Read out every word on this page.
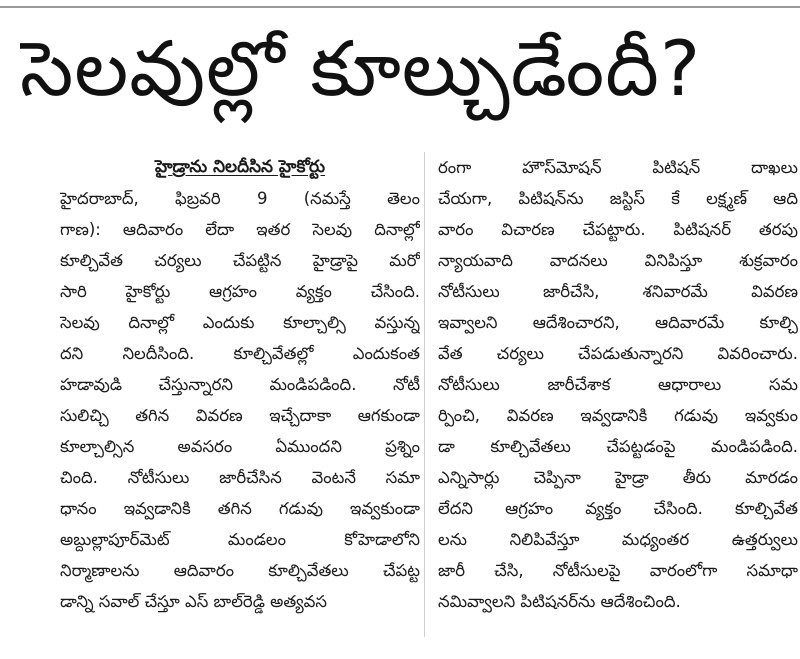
సెలవుల్లో కూల్చుడేందీ?
హైడ్రాను నిలదీసిన హైకోర్టు
హైదరాబాద్, ఫిబ్రవరి 9 (నమస్తే తెలం
గాణ): ఆదివారం లేదా ఇతర సెలవు దినాల్లో
కూల్చివేత చర్యలు చేపట్టిన హైడ్రాపై మరో
సారి హైకోర్టు ఆగ్రహం వ్యక్తం చేసింది.
సెలవు దినాల్లో ఎందుకు కూల్చాల్సి వస్తున్న
దని నిలదీసింది. కూల్చివేతల్లో ఎందుకంత
హడావుడి చేస్తున్నారని మండిపడింది. నోటీ
సులిచ్చి తగిన వివరణ ఇచ్చేదాకా ఆగకుండా
కూల్చాల్సిన అవసరం ఏముందని ప్రశ్నిం
చింది. నోటీసులు జారీచేసిన వెంటనే సమా
ధానం ఇవ్వడానికి తగిన గడువు ఇవ్వకుండా
అబ్దుల్లాపూర్‌మెట్ మండలం కోహెడాలోని
నిర్మాణాలను ఆదివారం కూల్చివేతలు చేపట్ట
డాన్ని సవాల్ చేస్తూ ఎస్ బాల్‌రెడ్డి అత్యవస
రంగా హౌస్‌మోషన్ పిటిషన్ దాఖలు
చేయగా, పిటిషన్‌ను జస్టిస్ కే లక్ష్మణ్ ఆది
వారం విచారణ చేపట్టారు. పిటిషనర్ తరపు
న్యాయవాది వాదనలు వినిపిస్తూ శుక్రవారం
నోటీసులు జారీచేసి, శనివారమే వివరణ
ఇవ్వాలని ఆదేశించారని, ఆదివారమే కూల్చి
వేత చర్యలు చేపడుతున్నారని వివరించారు.
నోటీసులు జారీచేశాక ఆధారాలు సమ
ర్పించి, వివరణ ఇవ్వడానికి గడువు ఇవ్వకుం
డా కూల్చివేతలు చేపట్టడంపై మండిపడింది.
ఎన్నిసార్లు చెప్పినా హైడ్రా తీరు మారడం
లేదని ఆగ్రహం వ్యక్తం చేసింది. కూల్చివేత
లను నిలిపివేస్తూ మధ్యంతర ఉత్తర్వులు
జారీ చేసి, నోటీసులపై వారంలోగా సమాధా
నమివ్వాలని పిటిషనర్‌ను ఆదేశించింది.
